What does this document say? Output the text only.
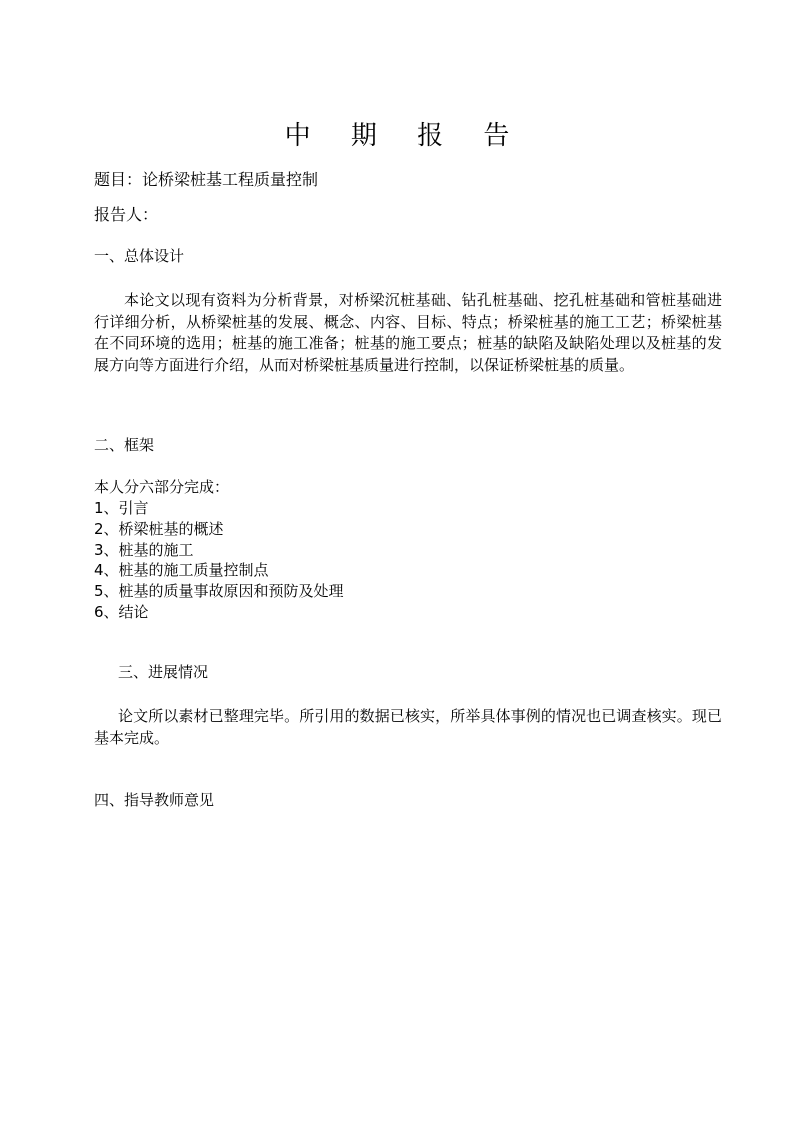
中 期 报 告
题目：论桥梁桩基工程质量控制
报告人：
一、总体设计
本论文以现有资料为分析背景，对桥梁沉桩基础、钻孔桩基础、挖孔桩基础和管桩基础进行详细分析，从桥梁桩基的发展、概念、内容、目标、特点；桥梁桩基的施工工艺；桥梁桩基在不同环境的选用；桩基的施工准备；桩基的施工要点；桩基的缺陷及缺陷处理以及桩基的发展方向等方面进行介绍，从而对桥梁桩基质量进行控制，以保证桥梁桩基的质量。
二、框架
本人分六部分完成：
1、引言
2、桥梁桩基的概述
3、桩基的施工
4、桩基的施工质量控制点
5、桩基的质量事故原因和预防及处理
6、结论
三、进展情况
论文所以素材已整理完毕。所引用的数据已核实，所举具体事例的情况也已调查核实。现已基本完成。
四、指导教师意见
